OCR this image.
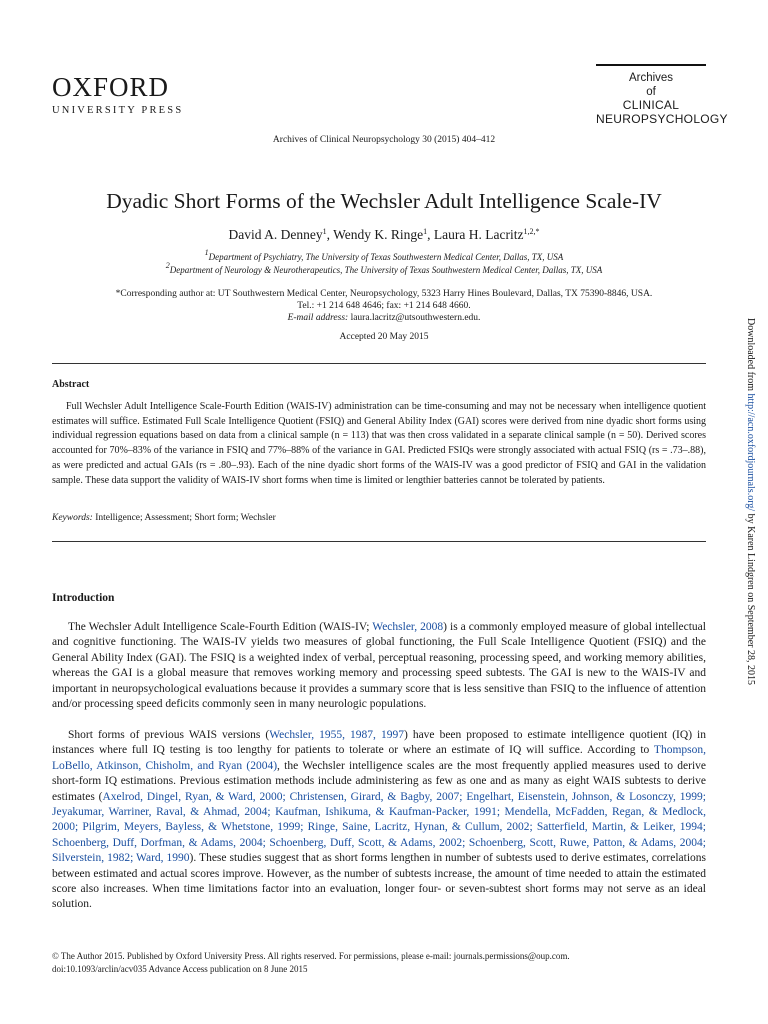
OXFORD
UNIVERSITY PRESS
Archives
of
CLINICAL
NEUROPSYCHOLOGY
Archives of Clinical Neuropsychology 30 (2015) 404–412
Dyadic Short Forms of the Wechsler Adult Intelligence Scale-IV
David A. Denney$^1$, Wendy K. Ringe$^1$, Laura H. Lacritz$^{1,2,*}$
$^1$Department of Psychiatry, The University of Texas Southwestern Medical Center, Dallas, TX, USA
$^2$Department of Neurology & Neurotherapeutics, The University of Texas Southwestern Medical Center, Dallas, TX, USA
*Corresponding author at: UT Southwestern Medical Center, Neuropsychology, 5323 Harry Hines Boulevard, Dallas, TX 75390-8846, USA.
Tel.: +1 214 648 4646; fax: +1 214 648 4660.
E-mail address: laura.lacritz@utsouthwestern.edu.
Accepted 20 May 2015
Abstract
Full Wechsler Adult Intelligence Scale-Fourth Edition (WAIS-IV) administration can be time-consuming and may not be necessary when intelligence quotient estimates will suffice. Estimated Full Scale Intelligence Quotient (FSIQ) and General Ability Index (GAI) scores were derived from nine dyadic short forms using individual regression equations based on data from a clinical sample (n = 113) that was then cross validated in a separate clinical sample (n = 50). Derived scores accounted for 70%–83% of the variance in FSIQ and 77%–88% of the variance in GAI. Predicted FSIQs were strongly associated with actual FSIQ (rs = .73–.88), as were predicted and actual GAIs (rs = .80–.93). Each of the nine dyadic short forms of the WAIS-IV was a good predictor of FSIQ and GAI in the validation sample. These data support the validity of WAIS-IV short forms when time is limited or lengthier batteries cannot be tolerated by patients.
Keywords: Intelligence; Assessment; Short form; Wechsler
Introduction
The Wechsler Adult Intelligence Scale-Fourth Edition (WAIS-IV; Wechsler, 2008) is a commonly employed measure of global intellectual and cognitive functioning. The WAIS-IV yields two measures of global functioning, the Full Scale Intelligence Quotient (FSIQ) and the General Ability Index (GAI). The FSIQ is a weighted index of verbal, perceptual reasoning, processing speed, and working memory abilities, whereas the GAI is a global measure that removes working memory and processing speed subtests. The GAI is new to the WAIS-IV and important in neuropsychological evaluations because it provides a summary score that is less sensitive than FSIQ to the influence of attention and/or processing speed deficits commonly seen in many neurologic populations.
Short forms of previous WAIS versions (Wechsler, 1955, 1987, 1997) have been proposed to estimate intelligence quotient (IQ) in instances where full IQ testing is too lengthy for patients to tolerate or where an estimate of IQ will suffice. According to Thompson, LoBello, Atkinson, Chisholm, and Ryan (2004), the Wechsler intelligence scales are the most frequently applied measures used to derive short-form IQ estimations. Previous estimation methods include administering as few as one and as many as eight WAIS subtests to derive estimates (Axelrod, Dingel, Ryan, & Ward, 2000; Christensen, Girard, & Bagby, 2007; Engelhart, Eisenstein, Johnson, & Losonczy, 1999; Jeyakumar, Warriner, Raval, & Ahmad, 2004; Kaufman, Ishikuma, & Kaufman-Packer, 1991; Mendella, McFadden, Regan, & Medlock, 2000; Pilgrim, Meyers, Bayless, & Whetstone, 1999; Ringe, Saine, Lacritz, Hynan, & Cullum, 2002; Satterfield, Martin, & Leiker, 1994; Schoenberg, Duff, Dorfman, & Adams, 2004; Schoenberg, Duff, Scott, & Adams, 2002; Schoenberg, Scott, Ruwe, Patton, & Adams, 2004; Silverstein, 1982; Ward, 1990). These studies suggest that as short forms lengthen in number of subtests used to derive estimates, correlations between estimated and actual scores improve. However, as the number of subtests increase, the amount of time needed to attain the estimated score also increases. When time limitations factor into an evaluation, longer four- or seven-subtest short forms may not serve as an ideal solution.
© The Author 2015. Published by Oxford University Press. All rights reserved. For permissions, please e-mail: journals.permissions@oup.com.
doi:10.1093/arclin/acv035 Advance Access publication on 8 June 2015
Downloaded from http://acn.oxfordjournals.org/ by Karen Lindgren on September 28, 2015
